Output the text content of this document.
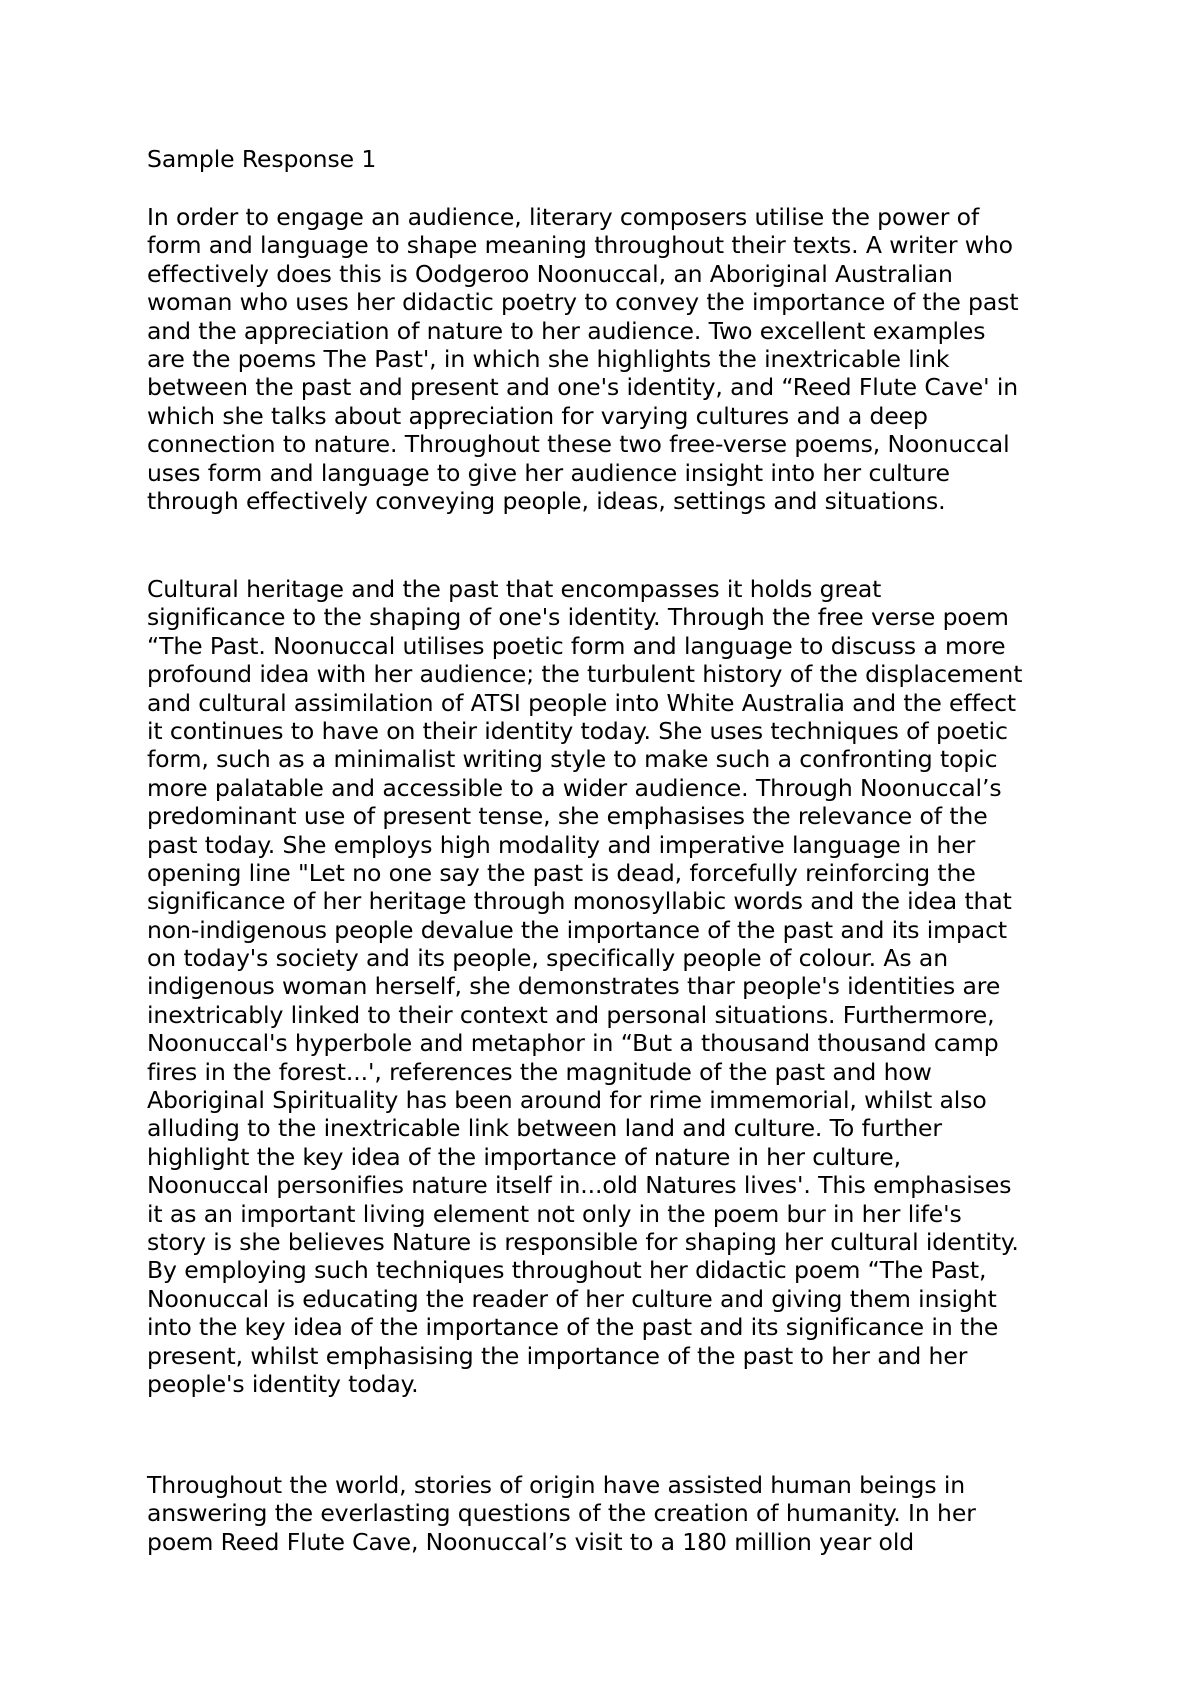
Sample Response 1
In order to engage an audience, literary composers utilise the power of
form and language to shape meaning throughout their texts. A writer who
effectively does this is Oodgeroo Noonuccal, an Aboriginal Australian
woman who uses her didactic poetry to convey the importance of the past
and the appreciation of nature to her audience. Two excellent examples
are the poems The Past', in which she highlights the inextricable link
between the past and present and one's identity, and “Reed Flute Cave' in
which she talks about appreciation for varying cultures and a deep
connection to nature. Throughout these two free-verse poems, Noonuccal
uses form and language to give her audience insight into her culture
through effectively conveying people, ideas, settings and situations.
Cultural heritage and the past that encompasses it holds great
significance to the shaping of one's identity. Through the free verse poem
“The Past. Noonuccal utilises poetic form and language to discuss a more
profound idea with her audience; the turbulent history of the displacement
and cultural assimilation of ATSI people into White Australia and the effect
it continues to have on their identity today. She uses techniques of poetic
form, such as a minimalist writing style to make such a confronting topic
more palatable and accessible to a wider audience. Through Noonuccal’s
predominant use of present tense, she emphasises the relevance of the
past today. She employs high modality and imperative language in her
opening line "Let no one say the past is dead, forcefully reinforcing the
significance of her heritage through monosyllabic words and the idea that
non-indigenous people devalue the importance of the past and its impact
on today's society and its people, specifically people of colour. As an
indigenous woman herself, she demonstrates thar people's identities are
inextricably linked to their context and personal situations. Furthermore,
Noonuccal's hyperbole and metaphor in “But a thousand thousand camp
fires in the forest...', references the magnitude of the past and how
Aboriginal Spirituality has been around for rime immemorial, whilst also
alluding to the inextricable link between land and culture. To further
highlight the key idea of the importance of nature in her culture,
Noonuccal personifies nature itself in...old Natures lives'. This emphasises
it as an important living element not only in the poem bur in her life's
story is she believes Nature is responsible for shaping her cultural identity.
By employing such techniques throughout her didactic poem “The Past,
Noonuccal is educating the reader of her culture and giving them insight
into the key idea of the importance of the past and its significance in the
present, whilst emphasising the importance of the past to her and her
people's identity today.
Throughout the world, stories of origin have assisted human beings in
answering the everlasting questions of the creation of humanity. In her
poem Reed Flute Cave, Noonuccal’s visit to a 180 million year old
